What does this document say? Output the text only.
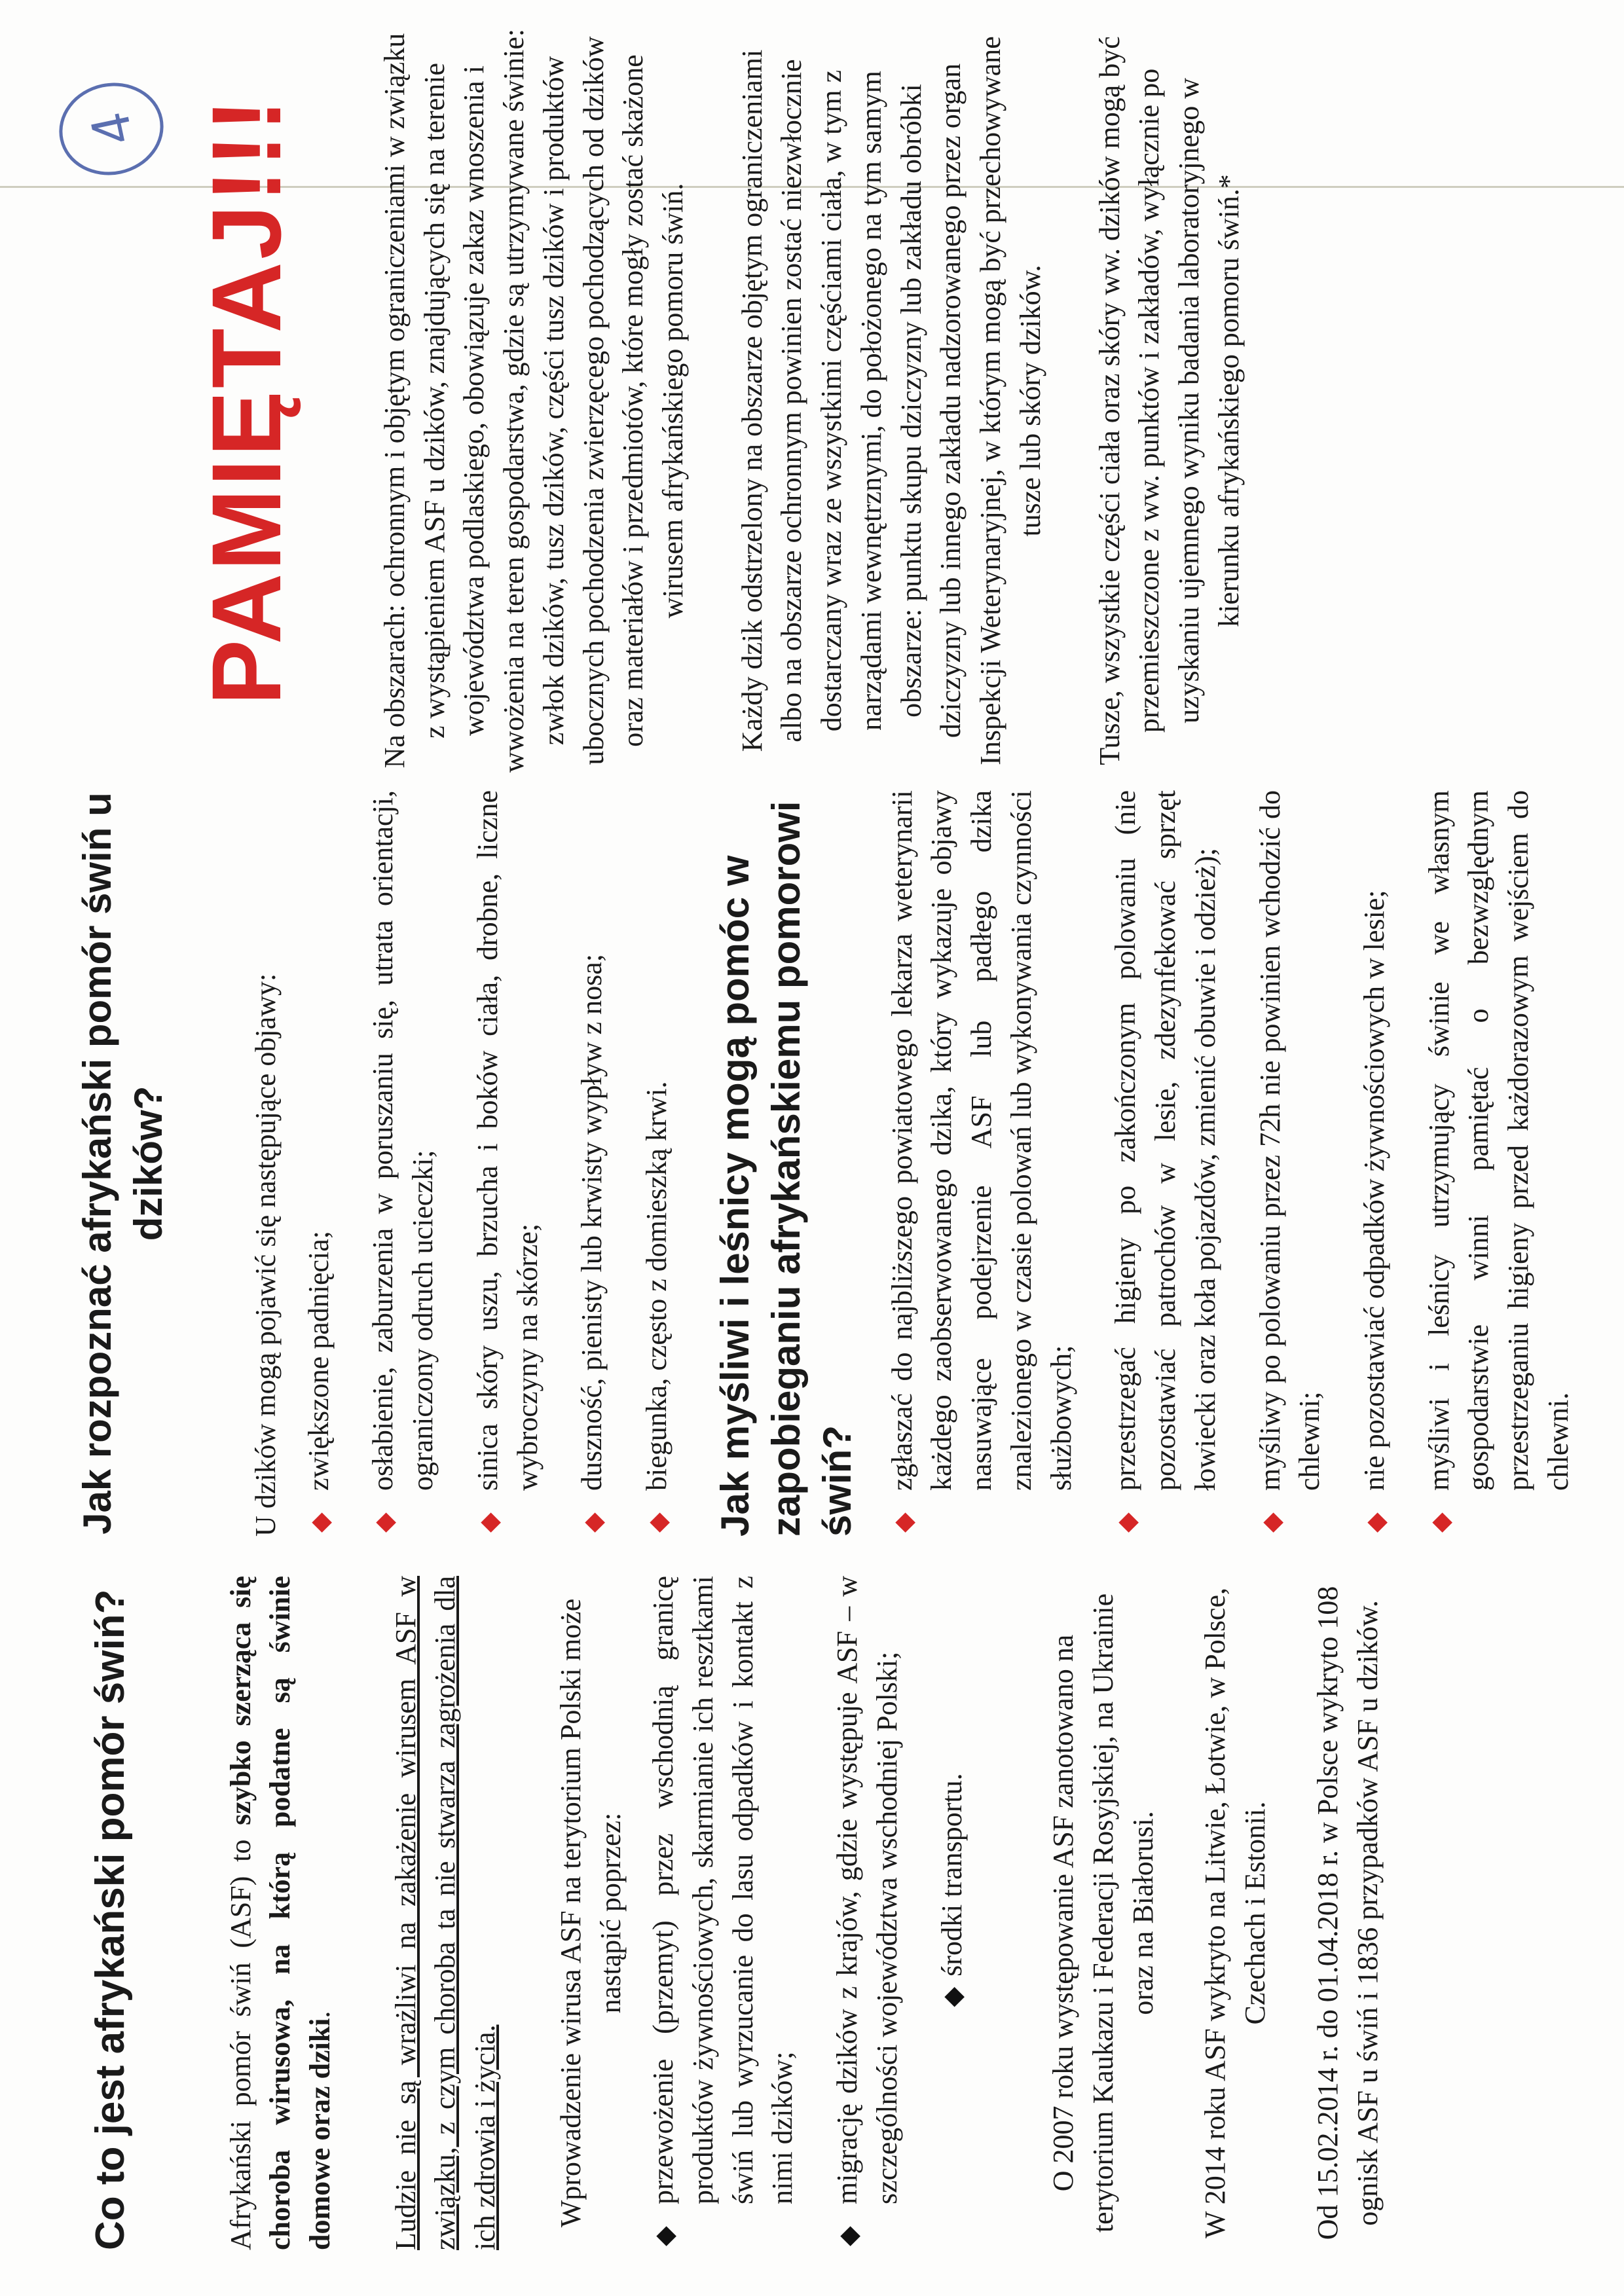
4
Co to jest afrykański pomór świń?	Afrykański pomór świń (ASF) to szybko szerząca się choroba wirusowa, na którą podatne są świnie domowe oraz dziki. Ludzie nie są wrażliwi na zakażenie wirusem ASF w związku, z czym choroba ta nie stwarza zagrożenia dla ich zdrowia i życia. Wprowadzenie wirusa ASF na terytorium Polski może nastąpić poprzez:

◆
przewożenie (przemyt) przez wschodnią granicę produktów żywnościowych, skarmianie ich resztkami świń lub wyrzucanie do lasu odpadków i kontakt z nimi dzików;
◆
migrację dzików z krajów, gdzie występuje ASF – w szczególności województwa wschodniej Polski; ◆środki transportu.	O 2007 roku występowanie ASF zanotowano na terytorium Kaukazu i Federacji Rosyjskiej, na Ukrainie oraz na Białorusi. W 2014 roku ASF wykryto na Litwie, Łotwie, w Polsce, Czechach i Estonii. Od 15.02.2014 r. do 01.04.2018 r. w Polsce wykryto 108 ognisk ASF u świń i 1836 przypadków ASF u dzików.

Jak rozpoznać afrykański pomór świń u dzików?	U dzików mogą pojawić się następujące objawy: ◆
zwiększone padnięcia;
◆
osłabienie, zaburzenia w poruszaniu się, utrata orientacji, ograniczony odruch ucieczki;
◆
sinica skóry uszu, brzucha i boków ciała, drobne, liczne wybroczyny na skórze;
◆
duszność, pienisty lub krwisty wypływ z nosa;
◆
biegunka, często z domieszką krwi. Jak myśliwi i leśnicy mogą pomóc w zapobieganiu afrykańskiemu pomorowi świń? ◆
zgłaszać do najbliższego powiatowego lekarza weterynarii każdego zaobserwowanego dzika, który wykazuje objawy nasuwające podejrzenie ASF lub padłego dzika znalezionego w czasie polowań lub wykonywania czynności służbowych;
◆
przestrzegać higieny po zakończonym polowaniu (nie pozostawiać patrochów w lesie, zdezynfekować sprzęt łowiecki oraz koła pojazdów, zmienić obuwie i odzież);
◆
myśliwy po polowaniu przez 72h nie powinien wchodzić do chlewni;
◆
nie pozostawiać odpadków żywnościowych w lesie;
◆
myśliwi i leśnicy utrzymujący świnie we własnym gospodarstwie winni pamiętać o bezwzględnym przestrzeganiu higieny przed każdorazowym wejściem do chlewni.
PAMIĘTAJ!!!	Na obszarach: ochronnym i objętym ograniczeniami w związku z wystąpieniem ASF u dzików, znajdujących się na terenie województwa podlaskiego, obowiązuje zakaz wnoszenia i wwożenia na teren gospodarstwa, gdzie są utrzymywane świnie: zwłok dzików, tusz dzików, części tusz dzików i produktów ubocznych pochodzenia zwierzęcego pochodzących od dzików oraz materiałów i przedmiotów, które mogły zostać skażone wirusem afrykańskiego pomoru świń. Każdy dzik odstrzelony na obszarze objętym ograniczeniami albo na obszarze ochronnym powinien zostać niezwłocznie dostarczany wraz ze wszystkimi częściami ciała, w tym z narządami wewnętrznymi, do położonego na tym samym obszarze: punktu skupu dziczyzny lub zakładu obróbki dziczyzny lub innego zakładu nadzorowanego przez organ Inspekcji Weterynaryjnej, w którym mogą być przechowywane tusze lub skóry dzików. Tusze, wszystkie części ciała oraz skóry ww. dzików mogą być przemieszczone z ww. punktów i zakładów, wyłącznie po uzyskaniu ujemnego wyniku badania laboratoryjnego w kierunku afrykańskiego pomoru świń.*
